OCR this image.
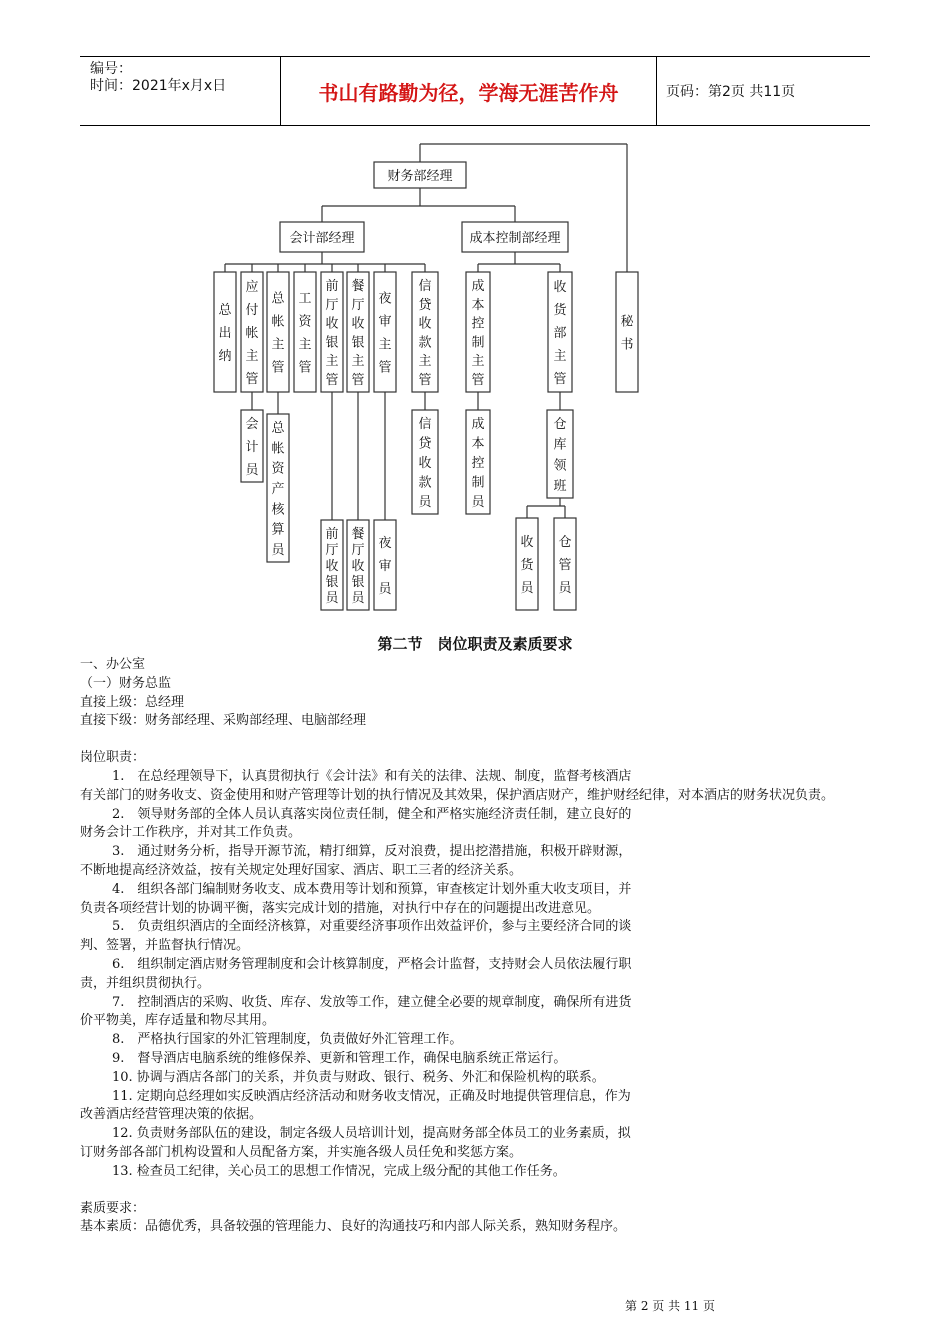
编号：
时间：2021年x月x日	书山有路勤为径，学海无涯苦作舟	页码：第2页 共11页
财务部经理
会计部经理	成本控制部经理
总
出
纳
应
付
帐
主
管
总
帐
主
管
工
资
主
管
前
厅
收
银
主
管
餐
厅
收
银
主
管
夜
审
主
管
信
贷
收
款
主
管
成
本
控
制
主
管
收
货
部
主
管
秘
书
会
计
员
总
帐
资
产
核
算
员
前
厅
收
银
员
餐
厅
收
银
员
夜
审
员
信
贷
收
款
员
成
本
控
制
员
仓
库
领
班
收
货
员
仓
管
员
第二节　岗位职责及素质要求

一、办公室

（一）财务总监

直接上级：总经理

直接下级：财务部经理、采购部经理、电脑部经理

岗位职责：

1.　在总经理领导下，认真贯彻执行《会计法》和有关的法律、法规、制度，监督考核酒店

有关部门的财务收支、资金使用和财产管理等计划的执行情况及其效果，保护酒店财产，维护财经纪律，对本酒店的财务状况负责。

2.　领导财务部的全体人员认真落实岗位责任制，健全和严格实施经济责任制，建立良好的

财务会计工作秩序，并对其工作负责。

3.　通过财务分析，指导开源节流，精打细算，反对浪费，提出挖潜措施，积极开辟财源，

不断地提高经济效益，按有关规定处理好国家、酒店、职工三者的经济关系。

4.　组织各部门编制财务收支、成本费用等计划和预算，审查核定计划外重大收支项目，并

负责各项经营计划的协调平衡，落实完成计划的措施，对执行中存在的问题提出改进意见。

5.　负责组织酒店的全面经济核算，对重要经济事项作出效益评价，参与主要经济合同的谈

判、签署，并监督执行情况。

6.　组织制定酒店财务管理制度和会计核算制度，严格会计监督，支持财会人员依法履行职

责，并组织贯彻执行。

7.　控制酒店的采购、收货、库存、发放等工作，建立健全必要的规章制度，确保所有进货

价平物美，库存适量和物尽其用。

8.　严格执行国家的外汇管理制度，负责做好外汇管理工作。

9.　督导酒店电脑系统的维修保养、更新和管理工作，确保电脑系统正常运行。

10. 协调与酒店各部门的关系，并负责与财政、银行、税务、外汇和保险机构的联系。

11. 定期向总经理如实反映酒店经济活动和财务收支情况，正确及时地提供管理信息，作为

改善酒店经营管理决策的依据。

12. 负责财务部队伍的建设，制定各级人员培训计划，提高财务部全体员工的业务素质，拟

订财务部各部门机构设置和人员配备方案，并实施各级人员任免和奖惩方案。

13. 检查员工纪律，关心员工的思想工作情况，完成上级分配的其他工作任务。

素质要求：

基本素质：品德优秀，具备较强的管理能力、良好的沟通技巧和内部人际关系，熟知财务程序。

第 2 页 共 11 页
